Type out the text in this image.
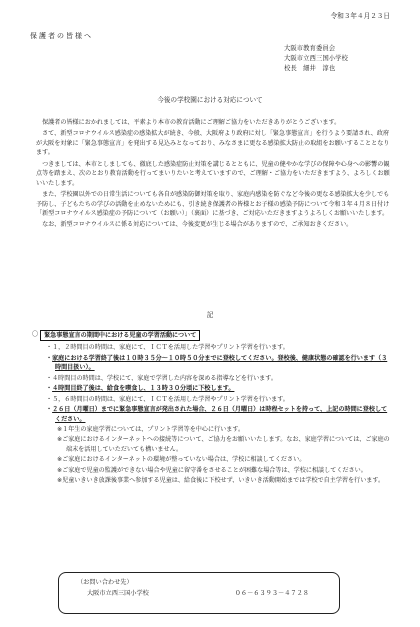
令和３年４月２３日
保護者の皆様へ
大阪市教育委員会
大阪市立西三国小学校
校長　細井　淳也
今後の学校園における対応について

保護者の皆様におかれましては、平素より本市の教育活動にご理解ご協力をいただきありがとうございます。

さて、新型コロナウイルス感染症の感染拡大が続き、今般、大阪府より政府に対し「緊急事態宣言」を行うよう要請され、政府が大阪を対象に「緊急事態宣言」を発出する見込みとなっており、みなさまに更なる感染拡大防止の取組をお願いすることとなります。

つきましては、本市としましても、徹底した感染症防止対策を講じるとともに、児童の健やかな学びの保障や心身への影響の観点等を踏まえ、次のとおり教育活動を行ってまいりたいと考えていますので、ご理解・ご協力をいただきますよう、よろしくお願いいたします。

また、学校園以外での日常生活についても各自が感染防御対策を取り、家庭内感染を防ぐなど今後の更なる感染拡大を少しでも予防し、子どもたちの学びの活動を止めないためにも、引き続き保護者の皆様とお子様の感染予防について令和３年４月８日付け「新型コロナウイルス感染症の予防について（お願い）」（裏面）に基づき、ご対応いただきますようよろしくお願いいたします。

なお、新型コロナウイルスに係る対応については、今後変更が生じる場合がありますので、ご承知おきください。

記
〇 緊急事態宣言の期間中における児童の学習活動について
・１，２時間目の時間は、家庭にて、ＩＣＴを活用した学習やプリント学習を行います。
・家庭における学習終了後は１０時３５分～１０時５０分までに登校してください。登校後、健康状態の確認を行います（３時間目扱い）。
・４時間目の時間は、学校にて、家庭で学習した内容を深める指導などを行います。
・４時間目終了後は、給食を喫食し、１３時３０分頃に下校します。
・５，６時間目の時間は、家庭にて、ＩＣＴを活用した学習やプリント学習を行います。
・２６日（月曜日）までに緊急事態宣言が発出された場合、２６日（月曜日）は時程セットを持って、上記の時間に登校してください。
※１年生の家庭学習については、プリント学習等を中心に行います。
※ご家庭におけるインターネットへの接続等について、ご協力をお願いいたします。なお、家庭学習については、ご家庭の端末を活用していただいても構いません。
※ご家庭におけるインターネットの環境が整っていない場合は、学校に相談してください。
※ご家庭で児童の監護ができない場合や児童に留守番をさせることが困難な場合等は、学校に相談してください。
※児童いきいき放課後事業へ参加する児童は、給食後に下校せず、いきいき活動開始までは学校で自主学習を行います。
（お問い合わせ先）
大阪市立西三国小学校	０６－６３９３－４７２８
